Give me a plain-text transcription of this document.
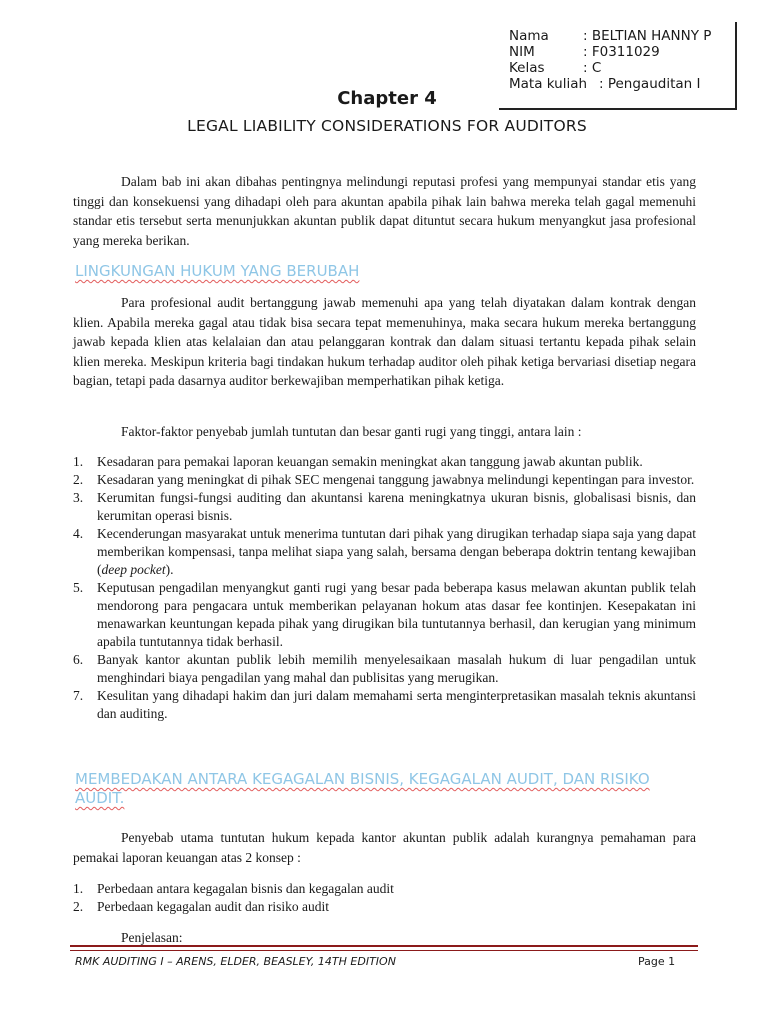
Nama	: BELTIAN HANNY P
NIM	: F0311029
Kelas	: C
Mata kuliah : Pengauditan I
Chapter 4
LEGAL LIABILITY CONSIDERATIONS FOR AUDITORS
Dalam bab ini akan dibahas pentingnya melindungi reputasi profesi yang mempunyai standar etis yang tinggi dan konsekuensi yang dihadapi oleh para akuntan apabila pihak lain bahwa mereka telah gagal memenuhi standar etis tersebut serta menunjukkan akuntan publik dapat dituntut secara hukum menyangkut jasa profesional yang mereka berikan.
LINGKUNGAN HUKUM YANG BERUBAH
Para profesional audit bertanggung jawab memenuhi apa yang telah diyatakan dalam kontrak dengan klien. Apabila mereka gagal atau tidak bisa secara tepat memenuhinya, maka secara hukum mereka bertanggung jawab kepada klien atas kelalaian dan atau pelanggaran kontrak dan dalam situasi tertantu kepada pihak selain klien mereka. Meskipun kriteria bagi tindakan hukum terhadap auditor oleh pihak ketiga bervariasi disetiap negara bagian, tetapi pada dasarnya auditor berkewajiban memperhatikan pihak ketiga.
Faktor-faktor penyebab jumlah tuntutan dan besar ganti rugi yang tinggi, antara lain :
1. Kesadaran para pemakai laporan keuangan semakin meningkat akan tanggung jawab akuntan publik.
2. Kesadaran yang meningkat di pihak SEC mengenai tanggung jawabnya melindungi kepentingan para investor.
3. Kerumitan fungsi-fungsi auditing dan akuntansi karena meningkatnya ukuran bisnis, globalisasi bisnis, dan kerumitan operasi bisnis.
4. Kecenderungan masyarakat untuk menerima tuntutan dari pihak yang dirugikan terhadap siapa saja yang dapat memberikan kompensasi, tanpa melihat siapa yang salah, bersama dengan beberapa doktrin tentang kewajiban (deep pocket).
5. Keputusan pengadilan menyangkut ganti rugi yang besar pada beberapa kasus melawan akuntan publik telah mendorong para pengacara untuk memberikan pelayanan hokum atas dasar fee kontinjen. Kesepakatan ini menawarkan keuntungan kepada pihak yang dirugikan bila tuntutannya berhasil, dan kerugian yang minimum apabila tuntutannya tidak berhasil.
6. Banyak kantor akuntan publik lebih memilih menyelesaikaan masalah hukum di luar pengadilan untuk menghindari biaya pengadilan yang mahal dan publisitas yang merugikan.
7. Kesulitan yang dihadapi hakim dan juri dalam memahami serta menginterpretasikan masalah teknis akuntansi dan auditing.
MEMBEDAKAN ANTARA KEGAGALAN BISNIS, KEGAGALAN AUDIT, DAN RISIKO AUDIT.
Penyebab utama tuntutan hukum kepada kantor akuntan publik adalah kurangnya pemahaman para pemakai laporan keuangan atas 2 konsep :
1. Perbedaan antara kegagalan bisnis dan kegagalan audit
2. Perbedaan kegagalan audit dan risiko audit
Penjelasan:
RMK AUDITING I – ARENS, ELDER, BEASLEY, 14TH EDITION	Page 1
